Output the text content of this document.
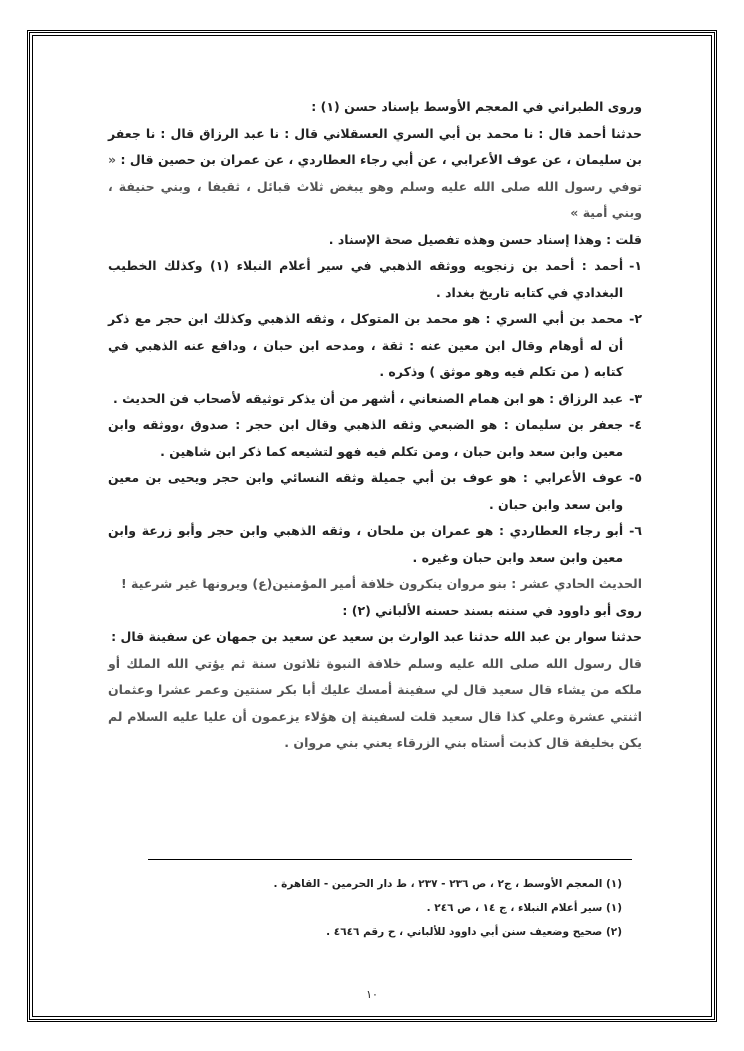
وروى الطبراني في المعجم الأوسط بإسناد حسن (١) :

حدثنا أحمد قال : نا محمد بن أبي السري العسقلاني قال : نا عبد الرزاق قال : نا جعفر بن سليمان ، عن عوف الأعرابي ، عن أبي رجاء العطاردي ، عن عمران بن حصين قال : « توفي رسول الله صلى الله عليه وسلم وهو يبغض ثلاث قبائل ، ثقيفا ، وبني حنيفة ، وبني أمية »

قلت : وهذا إسناد حسن وهذه تفصيل صحة الإسناد .

١-
أحمد : أحمد بن زنجويه ووثقه الذهبي في سير أعلام النبلاء (١) وكذلك الخطيب البغدادي في كتابه تاريخ بغداد .
٢-
محمد بن أبي السري : هو محمد بن المتوكل ، وثقه الذهبي وكذلك ابن حجر مع ذكر أن له أوهام وقال ابن معين عنه : ثقة ، ومدحه ابن حبان ، ودافع عنه الذهبي في كتابه ( من تكلم فيه وهو موثق ) وذكره .
٣-
عبد الرزاق : هو ابن همام الصنعاني ، أشهر من أن يذكر توثيقه لأصحاب فن الحديث .
٤-
جعفر بن سليمان : هو الضبعي وثقه الذهبي وقال ابن حجر : صدوق ،ووثقه وابن معين وابن سعد وابن حبان ، ومن تكلم فيه فهو لتشيعه كما ذكر ابن شاهين .
٥-
عوف الأعرابي : هو عوف بن أبي جميلة وثقه النسائي وابن حجر ويحيى بن معين وابن سعد وابن حبان .
٦-
أبو رجاء العطاردي : هو عمران بن ملحان ، وثقه الذهبي وابن حجر وأبو زرعة وابن معين وابن سعد وابن حبان وغيره .

الحديث الحادي عشر : بنو مروان ينكرون خلافة أمير المؤمنين(ع) ويرونها غير شرعية !

روى أبو داوود في سننه بسند حسنه الألباني (٢) :

حدثنا سوار بن عبد الله حدثنا عبد الوارث بن سعيد عن سعيد بن جمهان عن سفينة قال :

قال رسول الله صلى الله عليه وسلم خلافة النبوة ثلاثون سنة ثم يؤتي الله الملك أو ملكه من يشاء قال سعيد قال لي سفينة أمسك عليك أبا بكر سنتين وعمر عشرا وعثمان اثنتي عشرة وعلي كذا قال سعيد قلت لسفينة إن هؤلاء يزعمون أن عليا عليه السلام لم يكن بخليفة قال كذبت أستاه بني الزرقاء يعني بني مروان .

(١) المعجم الأوسط ، ج٢ ، ص ٢٣٦ - ٢٣٧ ، ط دار الحرمين - القاهرة .

(١) سير أعلام النبلاء ، ج ١٤ ، ص ٢٤٦ .

(٢) صحيح وضعيف سنن أبي داوود للألباني ، ح رقم ٤٦٤٦ .

١٠
